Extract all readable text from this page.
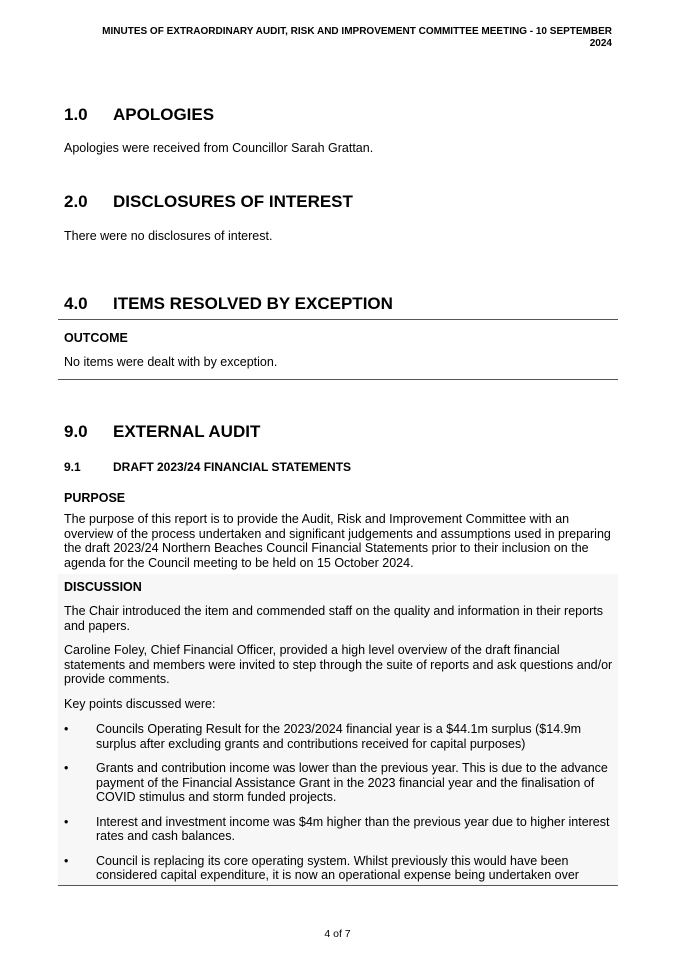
MINUTES OF EXTRAORDINARY AUDIT, RISK AND IMPROVEMENT COMMITTEE MEETING - 10 SEPTEMBER
2024
1.0	APOLOGIES
Apologies were received from Councillor Sarah Grattan.
2.0	DISCLOSURES OF INTEREST
There were no disclosures of interest.
4.0	ITEMS RESOLVED BY EXCEPTION
OUTCOME
No items were dealt with by exception.
9.0	EXTERNAL AUDIT
9.1	DRAFT 2023/24 FINANCIAL STATEMENTS
PURPOSE
The purpose of this report is to provide the Audit, Risk and Improvement Committee with an overview of the process undertaken and significant judgements and assumptions used in preparing the draft 2023/24 Northern Beaches Council Financial Statements prior to their inclusion on the agenda for the Council meeting to be held on 15 October 2024.
DISCUSSION
The Chair introduced the item and commended staff on the quality and information in their reports and papers.
Caroline Foley, Chief Financial Officer, provided a high level overview of the draft financial statements and members were invited to step through the suite of reports and ask questions and/or provide comments.
Key points discussed were:
• Councils Operating Result for the 2023/2024 financial year is a $44.1m surplus ($14.9m surplus after excluding grants and contributions received for capital purposes)
• Grants and contribution income was lower than the previous year. This is due to the advance payment of the Financial Assistance Grant in the 2023 financial year and the finalisation of COVID stimulus and storm funded projects.
• Interest and investment income was $4m higher than the previous year due to higher interest rates and cash balances.
• Council is replacing its core operating system. Whilst previously this would have been considered capital expenditure, it is now an operational expense being undertaken over
4 of 7
